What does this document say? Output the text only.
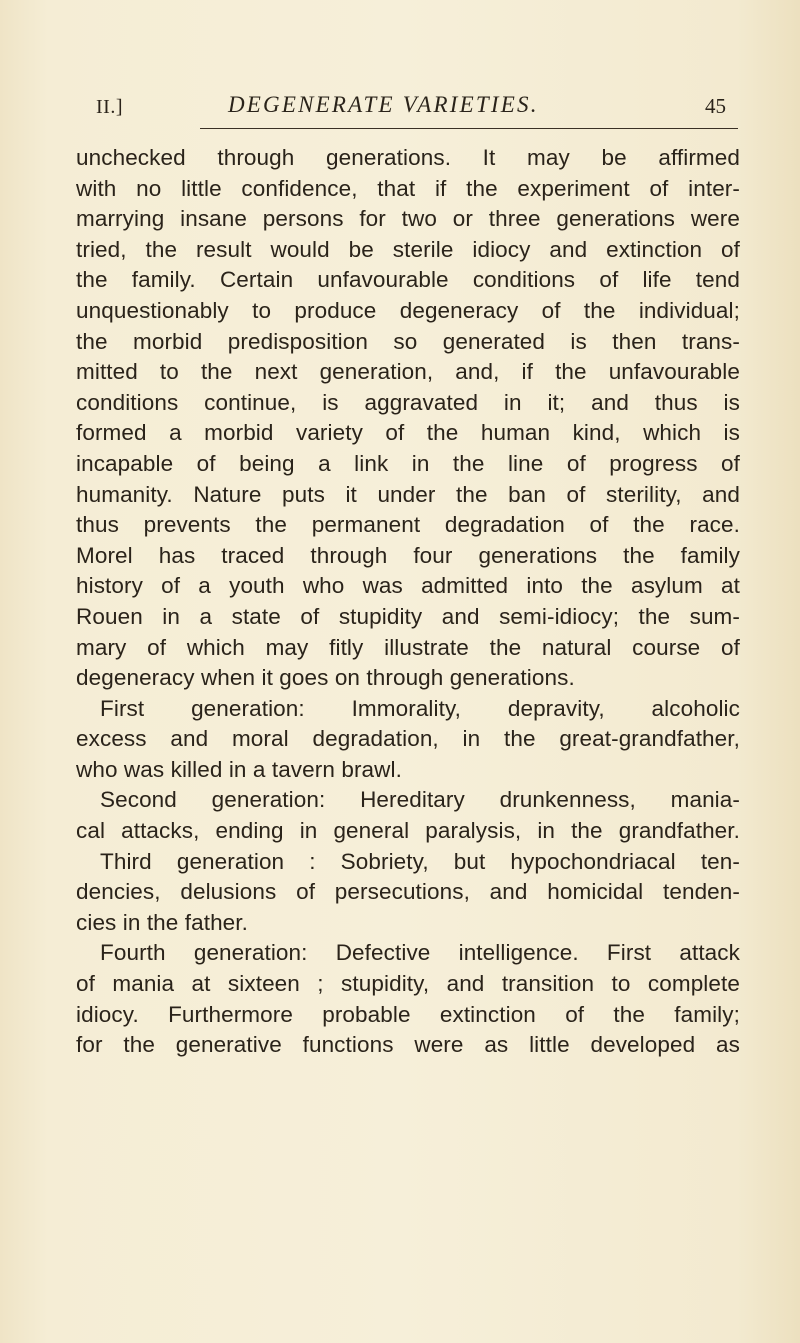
II.]	DEGENERATE VARIETIES.	45
unchecked through generations. It may be affirmed
with no little confidence, that if the experiment of inter-
marrying insane persons for two or three generations were
tried, the result would be sterile idiocy and extinction of
the family. Certain unfavourable conditions of life tend
unquestionably to produce degeneracy of the individual;
the morbid predisposition so generated is then trans-
mitted to the next generation, and, if the unfavourable
conditions continue, is aggravated in it; and thus is
formed a morbid variety of the human kind, which is
incapable of being a link in the line of progress of
humanity. Nature puts it under the ban of sterility, and
thus prevents the permanent degradation of the race.
Morel has traced through four generations the family
history of a youth who was admitted into the asylum at
Rouen in a state of stupidity and semi-idiocy; the sum-
mary of which may fitly illustrate the natural course of
degeneracy when it goes on through generations.
First generation: Immorality, depravity, alcoholic
excess and moral degradation, in the great-grandfather,
who was killed in a tavern brawl.
Second generation: Hereditary drunkenness, mania-
cal attacks, ending in general paralysis, in the grandfather.
Third generation : Sobriety, but hypochondriacal ten-
dencies, delusions of persecutions, and homicidal tenden-
cies in the father.
Fourth generation: Defective intelligence. First attack
of mania at sixteen ; stupidity, and transition to complete
idiocy. Furthermore probable extinction of the family;
for the generative functions were as little developed as
